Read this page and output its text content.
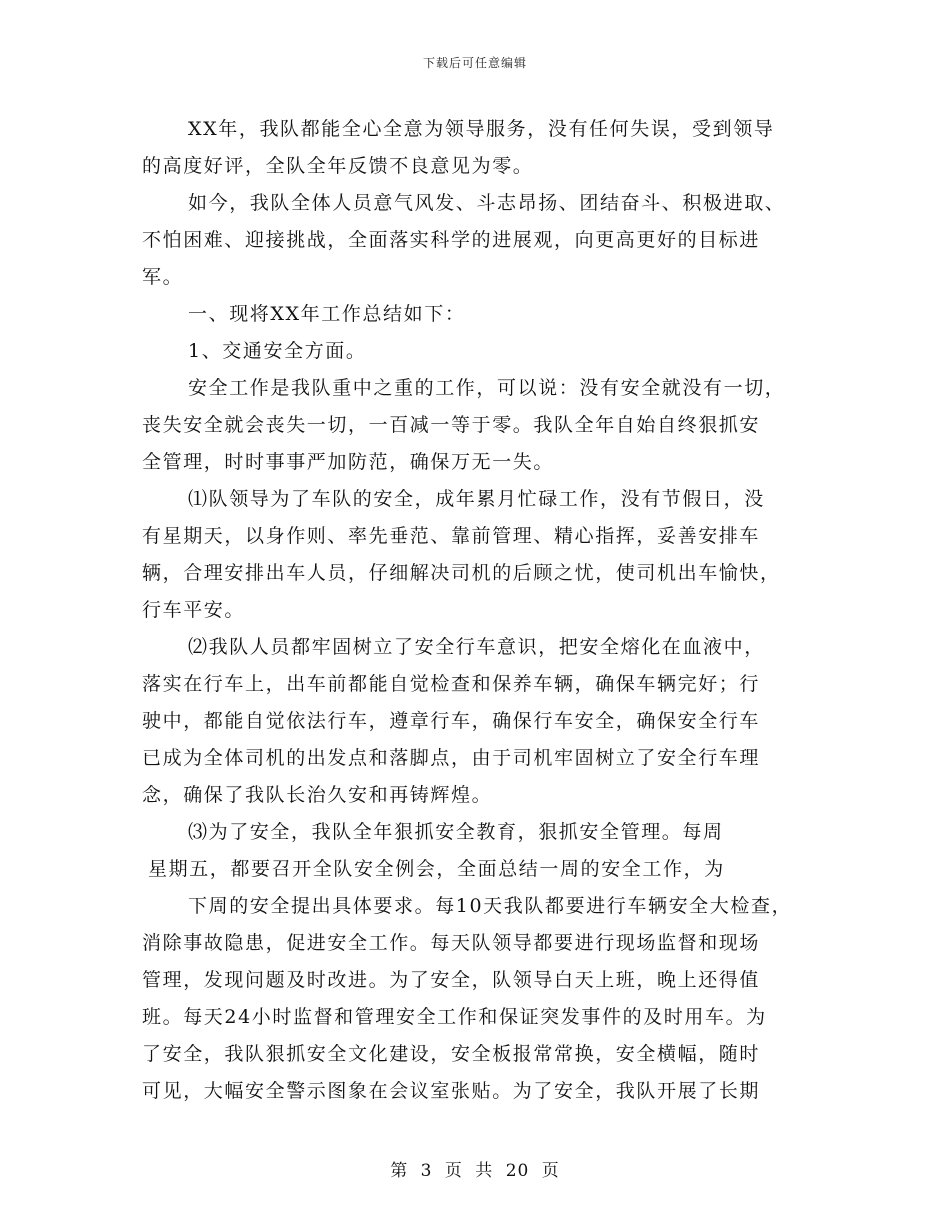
下载后可任意编辑
XX年，我队都能全心全意为领导服务，没有任何失误，受到领导
的高度好评，全队全年反馈不良意见为零。
如今，我队全体人员意气风发、斗志昂扬、团结奋斗、积极进取、
不怕困难、迎接挑战，全面落实科学的进展观，向更高更好的目标进
军。
一、现将XX年工作总结如下：
1、交通安全方面。
安全工作是我队重中之重的工作，可以说：没有安全就没有一切，
丧失安全就会丧失一切，一百减一等于零。我队全年自始自终狠抓安
全管理，时时事事严加防范，确保万无一失。
⑴队领导为了车队的安全，成年累月忙碌工作，没有节假日，没
有星期天，以身作则、率先垂范、靠前管理、精心指挥，妥善安排车
辆，合理安排出车人员，仔细解决司机的后顾之忧，使司机出车愉快，
行车平安。
⑵我队人员都牢固树立了安全行车意识，把安全熔化在血液中，
落实在行车上，出车前都能自觉检查和保养车辆，确保车辆完好；行
驶中，都能自觉依法行车，遵章行车，确保行车安全，确保安全行车
已成为全体司机的出发点和落脚点，由于司机牢固树立了安全行车理
念，确保了我队长治久安和再铸辉煌。
⑶为了安全，我队全年狠抓安全教育，狠抓安全管理。每周
星期五，都要召开全队安全例会，全面总结一周的安全工作，为
下周的安全提出具体要求。每10天我队都要进行车辆安全大检查，
消除事故隐患，促进安全工作。每天队领导都要进行现场监督和现场
管理，发现问题及时改进。为了安全，队领导白天上班，晚上还得值
班。每天24小时监督和管理安全工作和保证突发事件的及时用车。为
了安全，我队狠抓安全文化建设，安全板报常常换，安全横幅，随时
可见，大幅安全警示图象在会议室张贴。为了安全，我队开展了长期
第 3 页 共 20 页
